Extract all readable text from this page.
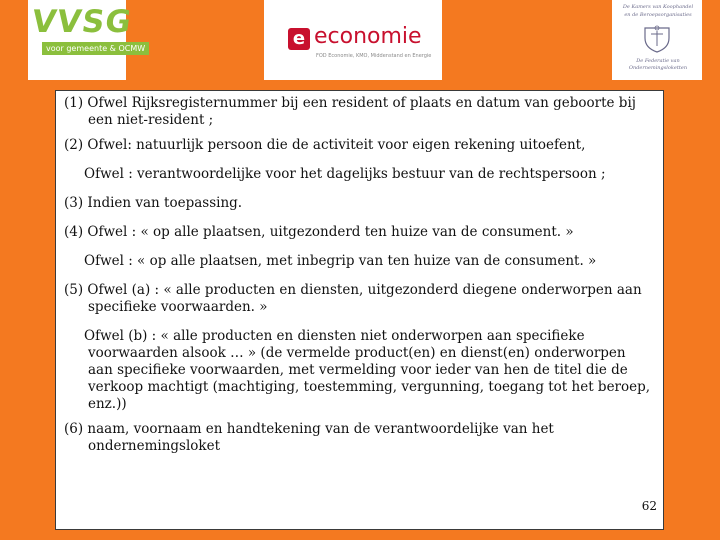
VVSG
voor gemeente & OCMW	e economie
FOD Economie, KMO, Middenstand en Energie
De Kamers van Koophandel
en de Beroepsorganisaties
De Federatie van
Ondernemingsloketten

(1) Ofwel Rijksregisternummer bij een resident of plaats en datum van geboorte bij een niet-resident ;

(2) Ofwel: natuurlijk persoon die de activiteit voor eigen rekening uitoefent,

Ofwel : verantwoordelijke voor het dagelijks bestuur van de rechtspersoon ;

(3) Indien van toepassing.

(4) Ofwel : « op alle plaatsen, uitgezonderd ten huize van de consument. »

Ofwel : « op alle plaatsen, met inbegrip van ten huize van de consument. »

(5) Ofwel (a) : « alle producten en diensten, uitgezonderd diegene onderworpen aan specifieke voorwaarden. »

Ofwel (b) : « alle producten en diensten niet onderworpen aan specifieke voorwaarden alsook … » (de vermelde product(en) en dienst(en) onderworpen aan specifieke voorwaarden, met vermelding voor ieder van hen de titel die de verkoop machtigt (machtiging, toestemming, vergunning, toegang tot het beroep, enz.))

(6) naam, voornaam en handtekening van de verantwoordelijke van het ondernemingsloket

62
